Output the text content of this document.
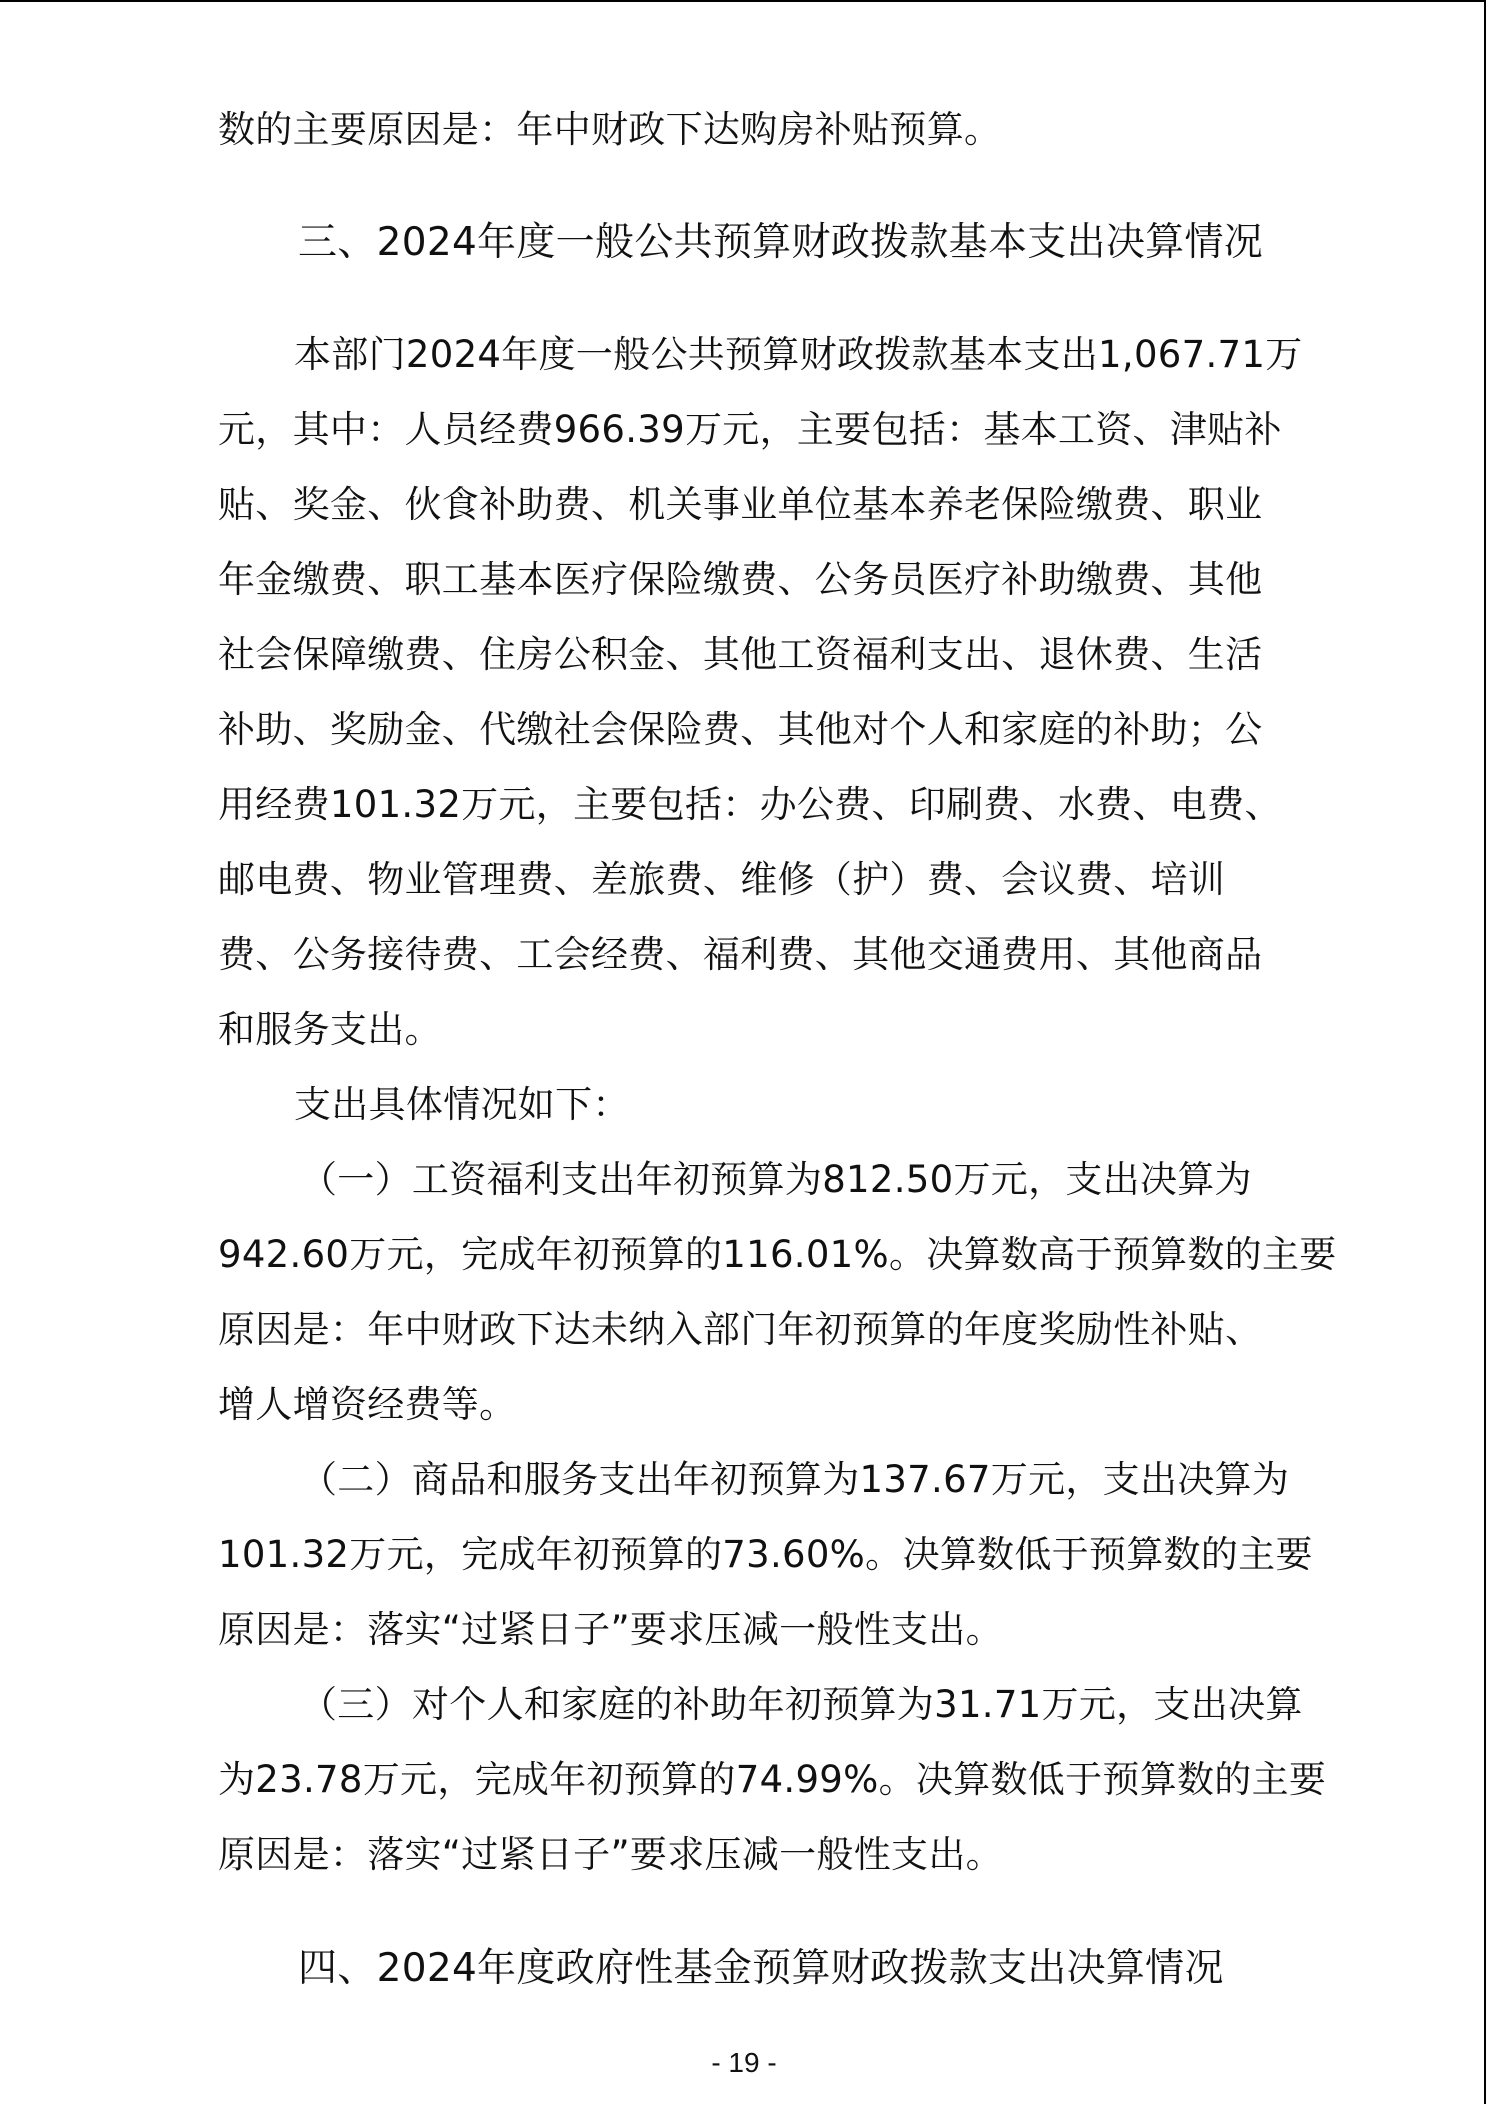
数的主要原因是：年中财政下达购房补贴预算。
三、2024年度一般公共预算财政拨款基本支出决算情况
本部门2024年度一般公共预算财政拨款基本支出1,067.71万
元，其中：人员经费966.39万元，主要包括：基本工资、津贴补
贴、奖金、伙食补助费、机关事业单位基本养老保险缴费、职业
年金缴费、职工基本医疗保险缴费、公务员医疗补助缴费、其他
社会保障缴费、住房公积金、其他工资福利支出、退休费、生活
补助、奖励金、代缴社会保险费、其他对个人和家庭的补助；公
用经费101.32万元，主要包括：办公费、印刷费、水费、电费、
邮电费、物业管理费、差旅费、维修（护）费、会议费、培训
费、公务接待费、工会经费、福利费、其他交通费用、其他商品
和服务支出。
支出具体情况如下：
（一）工资福利支出年初预算为812.50万元，支出决算为
942.60万元，完成年初预算的116.01%。决算数高于预算数的主要
原因是：年中财政下达未纳入部门年初预算的年度奖励性补贴、
增人增资经费等。
（二）商品和服务支出年初预算为137.67万元，支出决算为
101.32万元，完成年初预算的73.60%。决算数低于预算数的主要
原因是：落实“过紧日子”要求压减一般性支出。
（三）对个人和家庭的补助年初预算为31.71万元，支出决算
为23.78万元，完成年初预算的74.99%。决算数低于预算数的主要
原因是：落实“过紧日子”要求压减一般性支出。
四、2024年度政府性基金预算财政拨款支出决算情况
- 19 -
